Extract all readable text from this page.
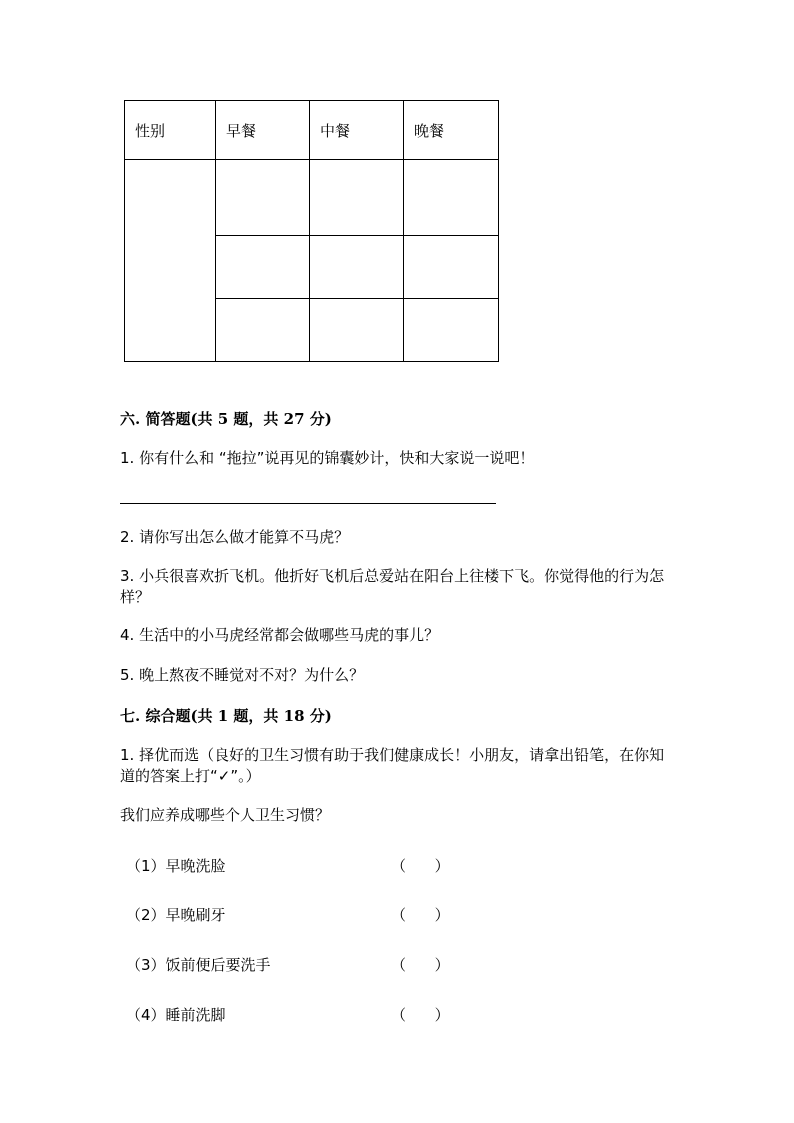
性别	早餐	中餐	晚餐

六. 简答题(共 5 题，共 27 分)
1. 你有什么和 “拖拉”说再见的锦囊妙计，快和大家说一说吧！
2. 请你写出怎么做才能算不马虎？
3. 小兵很喜欢折飞机。他折好飞机后总爱站在阳台上往楼下飞。你觉得他的行为怎样？
4. 生活中的小马虎经常都会做哪些马虎的事儿？
5. 晚上熬夜不睡觉对不对？为什么？
七. 综合题(共 1 题，共 18 分)
1. 择优而选（良好的卫生习惯有助于我们健康成长！小朋友，请拿出铅笔，在你知道的答案上打“✓”。）
我们应养成哪些个人卫生习惯？
（1）早晚洗脸	（      ）
（2）早晚刷牙	（      ）
（3）饭前便后要洗手	（      ）
（4）睡前洗脚	（      ）
